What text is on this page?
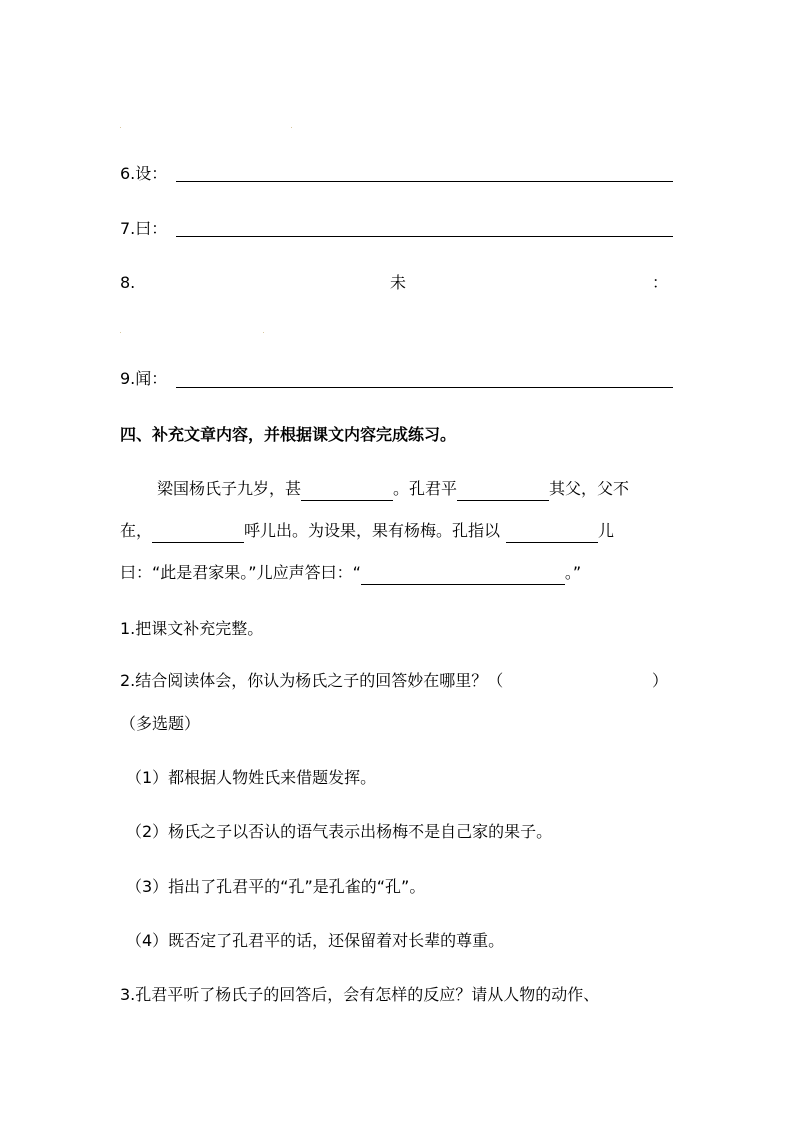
6.设：
7.曰：
8.	未	：
9.闻：
四、补充文章内容，并根据课文内容完成练习。
梁国杨氏子九岁，甚	。孔君平	其父，父不
在，	呼儿出。为设果，果有杨梅。孔指以	儿
曰：“此是君家果。”儿应声答曰：“	。”
1.把课文补充完整。
2.结合阅读体会，你认为杨氏之子的回答妙在哪里？（	）
（多选题）
（1）都根据人物姓氏来借题发挥。
（2）杨氏之子以否认的语气表示出杨梅不是自己家的果子。
（3）指出了孔君平的“孔”是孔雀的“孔”。
（4）既否定了孔君平的话，还保留着对长辈的尊重。
3.孔君平听了杨氏子的回答后，会有怎样的反应？请从人物的动作、
